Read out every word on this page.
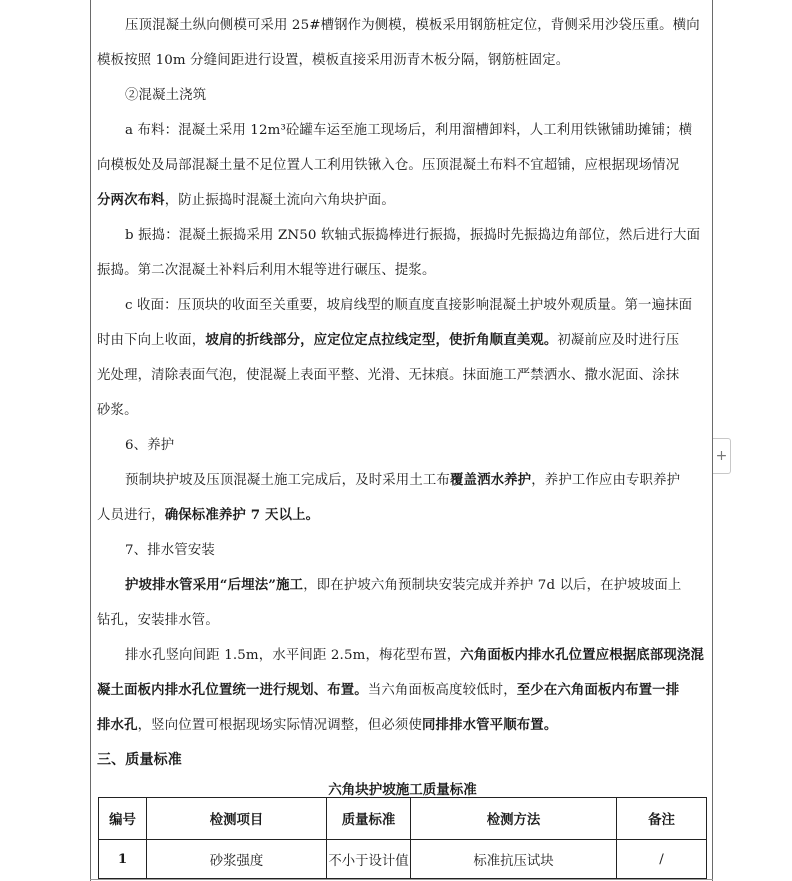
压顶混凝土纵向侧模可采用 25#槽钢作为侧模，模板采用钢筋桩定位，背侧采用沙袋压重。横向
模板按照 10m 分缝间距进行设置，模板直接采用沥青木板分隔，钢筋桩固定。
②混凝土浇筑
a 布料：混凝土采用 12m³砼罐车运至施工现场后，利用溜槽卸料，人工利用铁锹铺助摊铺；横
向模板处及局部混凝土量不足位置人工利用铁锹入仓。压顶混凝土布料不宜超铺，应根据现场情况
分两次布料，防止振捣时混凝土流向六角块护面。
b 振捣：混凝土振捣采用 ZN50 软轴式振捣棒进行振捣，振捣时先振捣边角部位，然后进行大面
振捣。第二次混凝土补料后利用木辊等进行碾压、提浆。
c 收面：压顶块的收面至关重要，坡肩线型的顺直度直接影响混凝土护坡外观质量。第一遍抹面
时由下向上收面，坡肩的折线部分，应定位定点拉线定型，使折角顺直美观。初凝前应及时进行压
光处理，清除表面气泡，使混凝上表面平整、光滑、无抹痕。抹面施工严禁洒水、撒水泥面、涂抹
砂浆。
6、养护
预制块护坡及压顶混凝土施工完成后，及时采用土工布覆盖洒水养护，养护工作应由专职养护
人员进行，确保标准养护 7 天以上。
7、排水管安装
护坡排水管采用“后埋法”施工，即在护坡六角预制块安装完成并养护 7d 以后，在护坡坡面上
钻孔，安装排水管。
排水孔竖向间距 1.5m，水平间距 2.5m，梅花型布置，六角面板内排水孔位置应根据底部现浇混
凝土面板内排水孔位置统一进行规划、布置。当六角面板高度较低时，至少在六角面板内布置一排
排水孔，竖向位置可根据现场实际情况调整，但必须使同排排水管平顺布置。
三、质量标准
+
六角块护坡施工质量标准
编号	检测项目	质量标准	检测方法	备注
1	砂浆强度	不小于设计值	标准抗压试块	/
